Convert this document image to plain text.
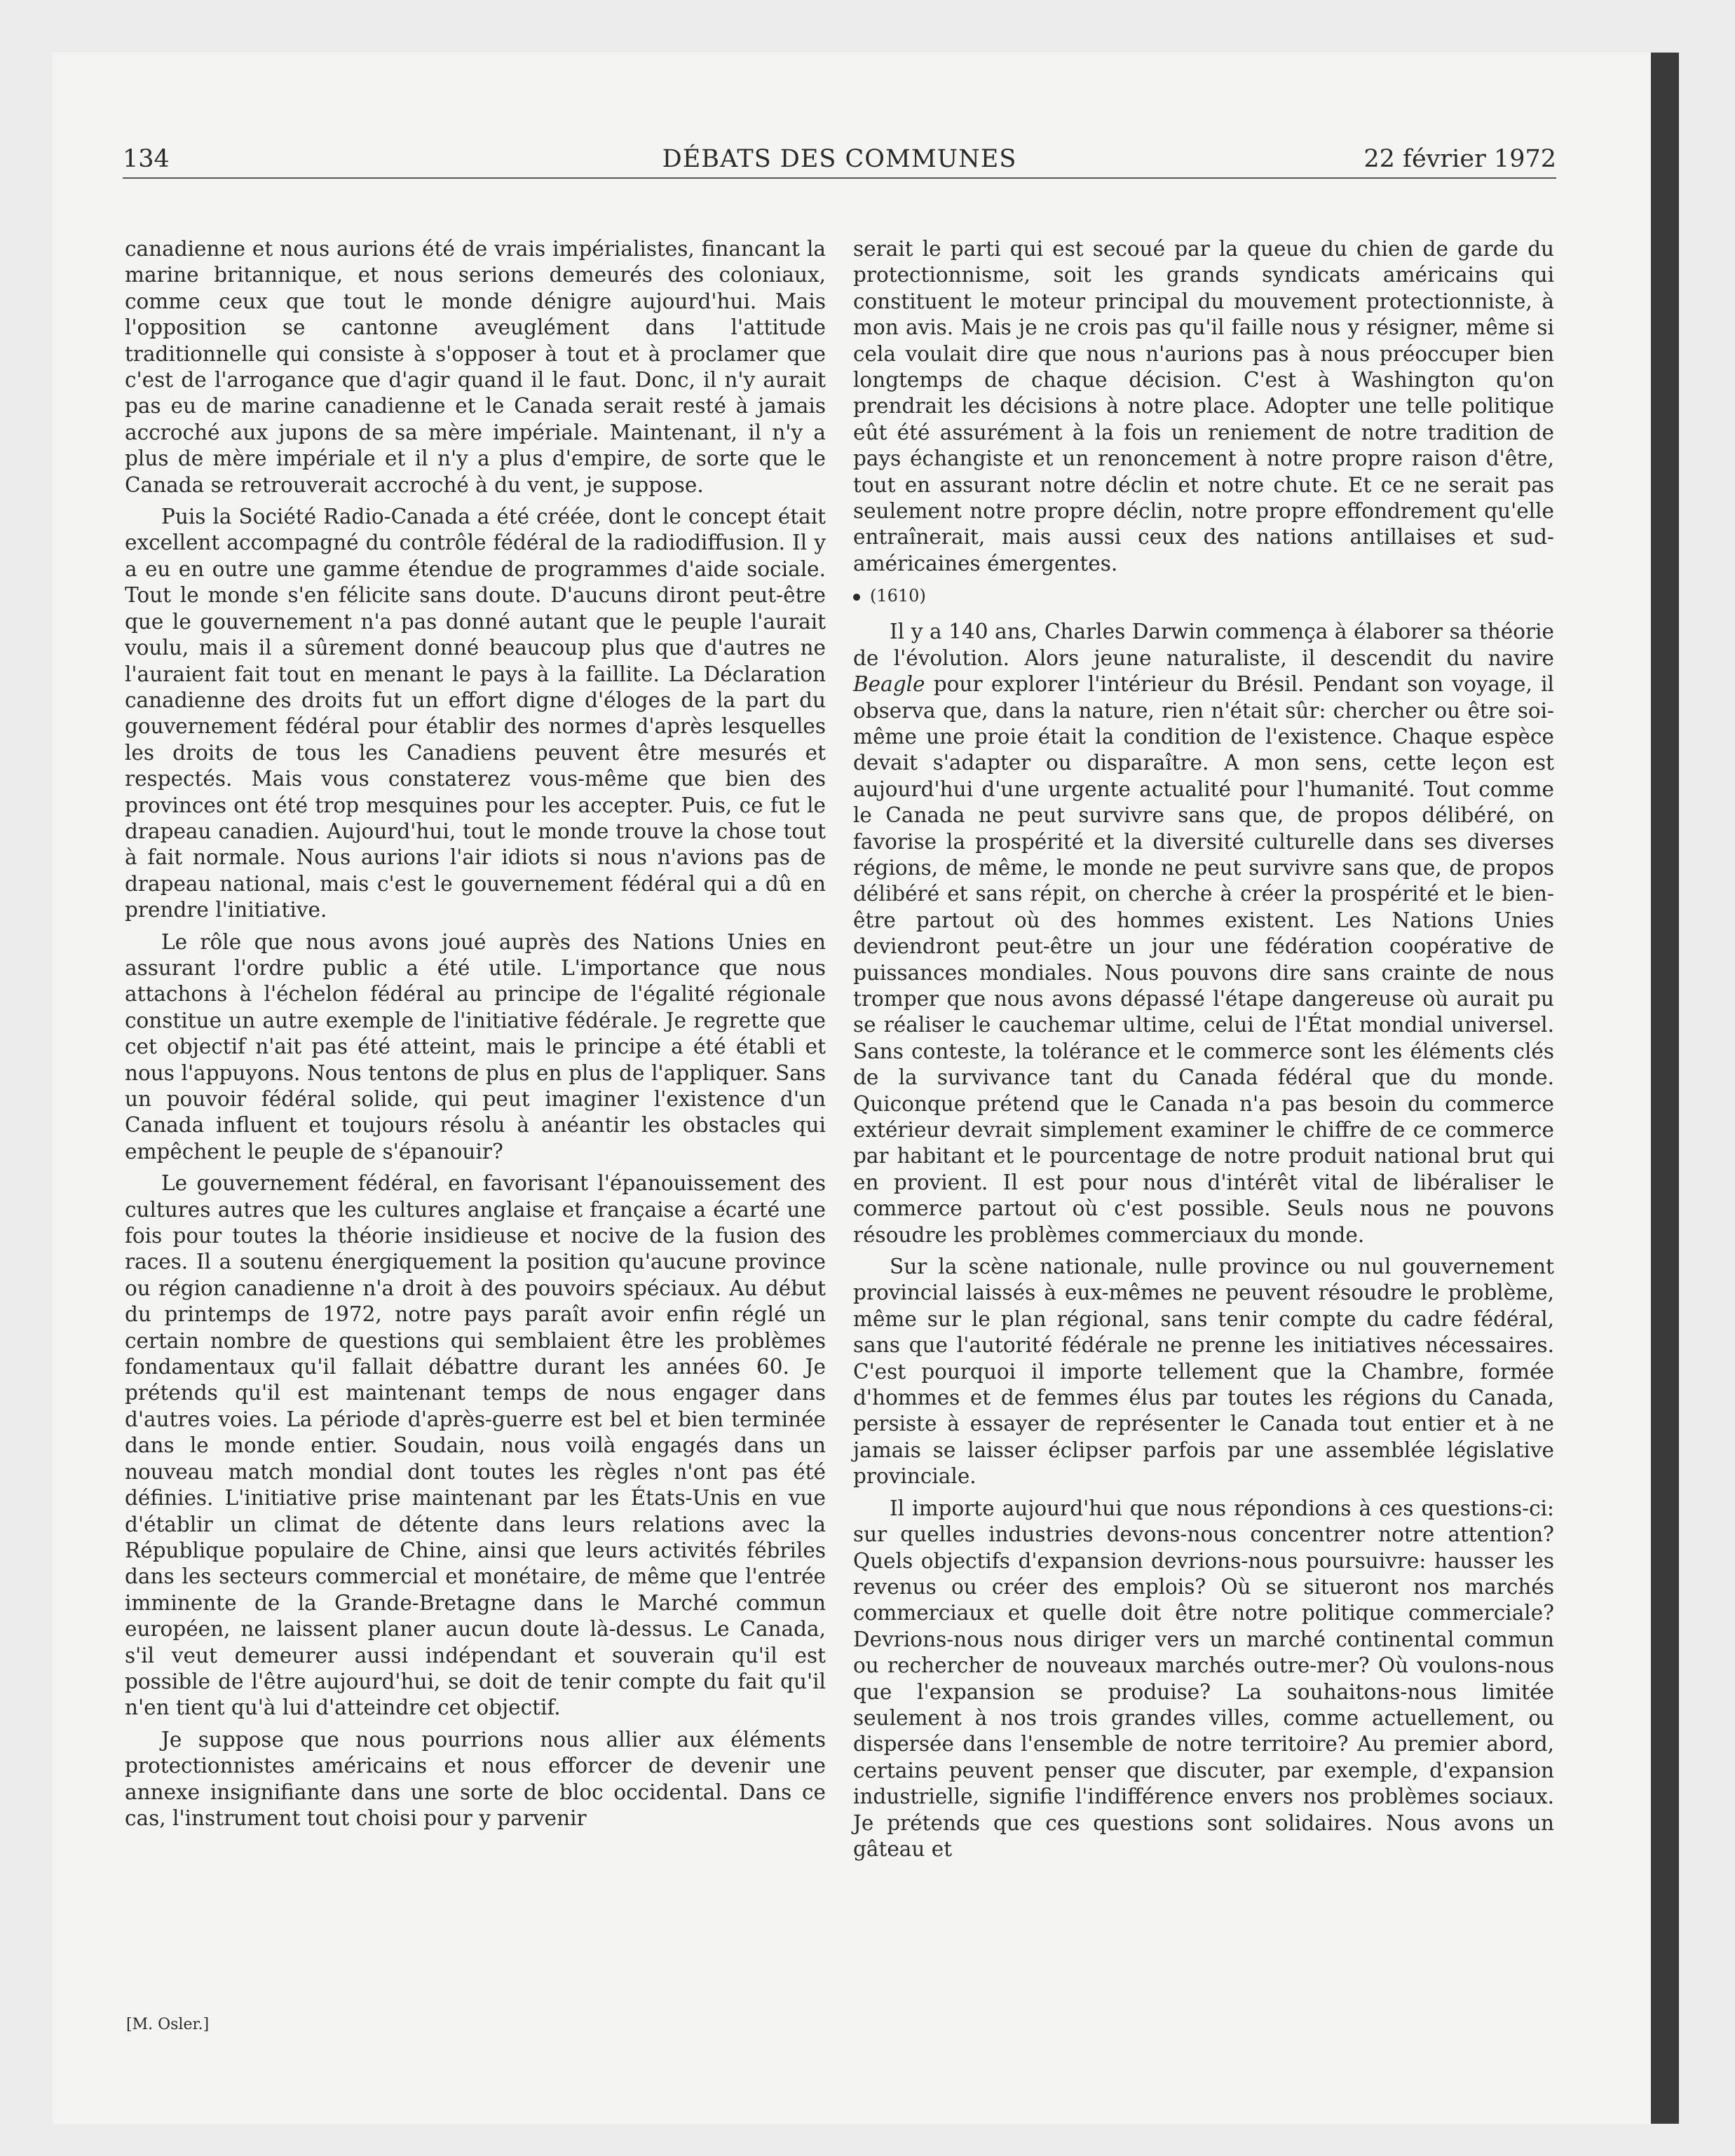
134	DÉBATS DES COMMUNES	22 février 1972

canadienne et nous aurions été de vrais impérialistes, financant la marine britannique, et nous serions demeurés des coloniaux, comme ceux que tout le monde dénigre aujourd'hui. Mais l'opposition se cantonne aveuglément dans l'attitude traditionnelle qui consiste à s'opposer à tout et à proclamer que c'est de l'arrogance que d'agir quand il le faut. Donc, il n'y aurait pas eu de marine canadienne et le Canada serait resté à jamais accroché aux jupons de sa mère impériale. Maintenant, il n'y a plus de mère impériale et il n'y a plus d'empire, de sorte que le Canada se retrouverait accroché à du vent, je suppose.

Puis la Société Radio-Canada a été créée, dont le concept était excellent accompagné du contrôle fédéral de la radiodiffusion. Il y a eu en outre une gamme étendue de programmes d'aide sociale. Tout le monde s'en félicite sans doute. D'aucuns diront peut-être que le gouvernement n'a pas donné autant que le peuple l'aurait voulu, mais il a sûrement donné beaucoup plus que d'autres ne l'auraient fait tout en menant le pays à la faillite. La Déclaration canadienne des droits fut un effort digne d'éloges de la part du gouvernement fédéral pour établir des normes d'après lesquelles les droits de tous les Canadiens peuvent être mesurés et respectés. Mais vous constaterez vous-même que bien des provinces ont été trop mesquines pour les accepter. Puis, ce fut le drapeau canadien. Aujourd'hui, tout le monde trouve la chose tout à fait normale. Nous aurions l'air idiots si nous n'avions pas de drapeau national, mais c'est le gouvernement fédéral qui a dû en prendre l'initiative.

Le rôle que nous avons joué auprès des Nations Unies en assurant l'ordre public a été utile. L'importance que nous attachons à l'échelon fédéral au principe de l'égalité régionale constitue un autre exemple de l'initiative fédérale. Je regrette que cet objectif n'ait pas été atteint, mais le principe a été établi et nous l'appuyons. Nous tentons de plus en plus de l'appliquer. Sans un pouvoir fédéral solide, qui peut imaginer l'existence d'un Canada influent et toujours résolu à anéantir les obstacles qui empêchent le peuple de s'épanouir?

Le gouvernement fédéral, en favorisant l'épanouissement des cultures autres que les cultures anglaise et française a écarté une fois pour toutes la théorie insidieuse et nocive de la fusion des races. Il a soutenu énergiquement la position qu'aucune province ou région canadienne n'a droit à des pouvoirs spéciaux. Au début du printemps de 1972, notre pays paraît avoir enfin réglé un certain nombre de questions qui semblaient être les problèmes fondamentaux qu'il fallait débattre durant les années 60. Je prétends qu'il est maintenant temps de nous engager dans d'autres voies. La période d'après-guerre est bel et bien terminée dans le monde entier. Soudain, nous voilà engagés dans un nouveau match mondial dont toutes les règles n'ont pas été définies. L'initiative prise maintenant par les États-Unis en vue d'établir un climat de détente dans leurs relations avec la République populaire de Chine, ainsi que leurs activités fébriles dans les secteurs commercial et monétaire, de même que l'entrée imminente de la Grande-Bretagne dans le Marché commun européen, ne laissent planer aucun doute là-dessus. Le Canada, s'il veut demeurer aussi indépendant et souverain qu'il est possible de l'être aujourd'hui, se doit de tenir compte du fait qu'il n'en tient qu'à lui d'atteindre cet objectif.

Je suppose que nous pourrions nous allier aux éléments protectionnistes américains et nous efforcer de devenir une annexe insignifiante dans une sorte de bloc occidental. Dans ce cas, l'instrument tout choisi pour y parvenir

serait le parti qui est secoué par la queue du chien de garde du protectionnisme, soit les grands syndicats américains qui constituent le moteur principal du mouvement protectionniste, à mon avis. Mais je ne crois pas qu'il faille nous y résigner, même si cela voulait dire que nous n'aurions pas à nous préoccuper bien longtemps de chaque décision. C'est à Washington qu'on prendrait les décisions à notre place. Adopter une telle politique eût été assurément à la fois un reniement de notre tradition de pays échangiste et un renoncement à notre propre raison d'être, tout en assurant notre déclin et notre chute. Et ce ne serait pas seulement notre propre déclin, notre propre effondrement qu'elle entraînerait, mais aussi ceux des nations antillaises et sud-américaines émergentes.

(1610)

Il y a 140 ans, Charles Darwin commença à élaborer sa théorie de l'évolution. Alors jeune naturaliste, il descendit du navire Beagle pour explorer l'intérieur du Brésil. Pendant son voyage, il observa que, dans la nature, rien n'était sûr: chercher ou être soi-même une proie était la condition de l'existence. Chaque espèce devait s'adapter ou disparaître. A mon sens, cette leçon est aujourd'hui d'une urgente actualité pour l'humanité. Tout comme le Canada ne peut survivre sans que, de propos délibéré, on favorise la prospérité et la diversité culturelle dans ses diverses régions, de même, le monde ne peut survivre sans que, de propos délibéré et sans répit, on cherche à créer la prospérité et le bien-être partout où des hommes existent. Les Nations Unies deviendront peut-être un jour une fédération coopérative de puissances mondiales. Nous pouvons dire sans crainte de nous tromper que nous avons dépassé l'étape dangereuse où aurait pu se réaliser le cauchemar ultime, celui de l'État mondial universel. Sans conteste, la tolérance et le commerce sont les éléments clés de la survivance tant du Canada fédéral que du monde. Quiconque prétend que le Canada n'a pas besoin du commerce extérieur devrait simplement examiner le chiffre de ce commerce par habitant et le pourcentage de notre produit national brut qui en provient. Il est pour nous d'intérêt vital de libéraliser le commerce partout où c'est possible. Seuls nous ne pouvons résoudre les problèmes commerciaux du monde.

Sur la scène nationale, nulle province ou nul gouvernement provincial laissés à eux-mêmes ne peuvent résoudre le problème, même sur le plan régional, sans tenir compte du cadre fédéral, sans que l'autorité fédérale ne prenne les initiatives nécessaires. C'est pourquoi il importe tellement que la Chambre, formée d'hommes et de femmes élus par toutes les régions du Canada, persiste à essayer de représenter le Canada tout entier et à ne jamais se laisser éclipser parfois par une assemblée législative provinciale.

Il importe aujourd'hui que nous répondions à ces questions-ci: sur quelles industries devons-nous concentrer notre attention? Quels objectifs d'expansion devrions-nous poursuivre: hausser les revenus ou créer des emplois? Où se situeront nos marchés commerciaux et quelle doit être notre politique commerciale? Devrions-nous nous diriger vers un marché continental commun ou rechercher de nouveaux marchés outre-mer? Où voulons-nous que l'expansion se produise? La souhaitons-nous limitée seulement à nos trois grandes villes, comme actuellement, ou dispersée dans l'ensemble de notre territoire? Au premier abord, certains peuvent penser que discuter, par exemple, d'expansion industrielle, signifie l'indifférence envers nos problèmes sociaux. Je prétends que ces questions sont solidaires. Nous avons un gâteau et

[M. Osler.]
